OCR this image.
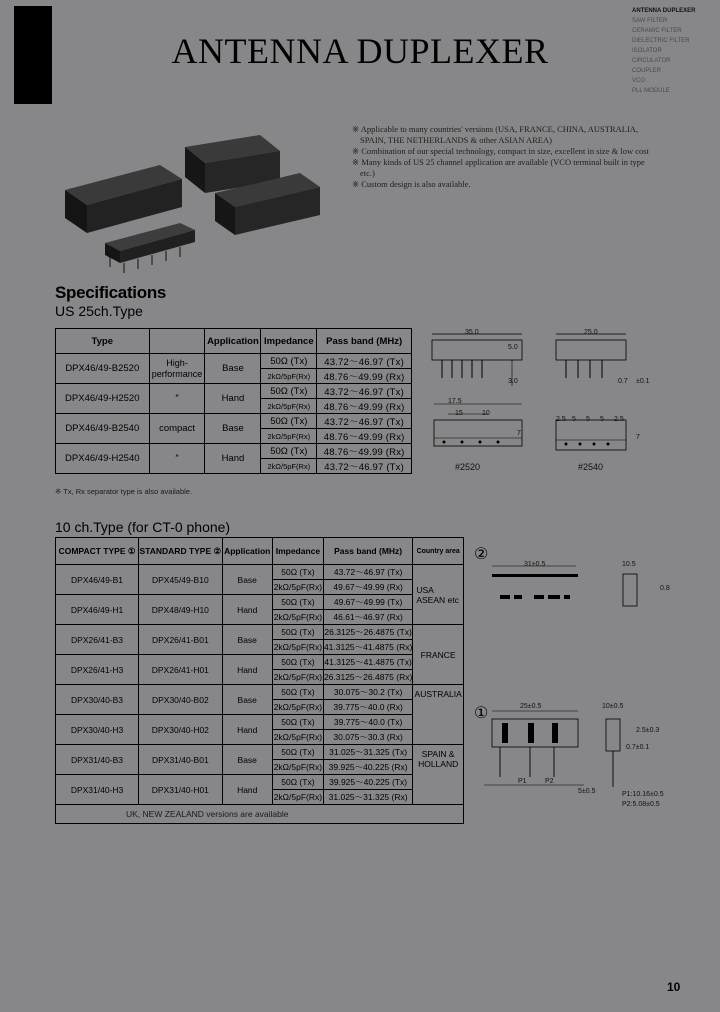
ANTENNA DUPLEXER
ANTENNA DUPLEXER
SAW FILTER
CERAMIC FILTER
DIELECTRIC FILTER
ISOLATOR
CIRCULATOR
COUPLER
VCO
PLL MODULE
※ Applicable to many countries' versions (USA, FRANCE, CHINA, AUSTRALIA, SPAIN, THE NETHERLANDS & other ASIAN AREA)
※ Combination of our special technology, compact in size, excellent in size & low cost
※ Many kinds of US 25 channel application are available (VCO terminal built in type etc.)
※ Custom design is also available.
Specifications
US 25ch.Type
Type		Application	Impedance	Pass band (MHz)
DPX46/49-B2520	High-performance	Base	50Ω (Tx)	43.72～46.97 (Tx)
			2kΩ/5pF(Rx)	48.76～49.99 (Rx)
DPX46/49-H2520	″	Hand	50Ω (Tx)	43.72～46.97 (Tx)
			2kΩ/5pF(Rx)	48.76～49.99 (Rx)
DPX46/49-B2540	compact	Base	50Ω (Tx)	43.72～46.97 (Tx)
			2kΩ/5pF(Rx)	48.76～49.99 (Rx)
DPX46/49-H2540	″	Hand	50Ω (Tx)	48.76～49.99 (Rx)
			2kΩ/5pF(Rx)	43.72～46.97 (Tx)
※ Tx, Rx separator type is also available.
35.0
5.0
3.0
25.0
0.7 ±0.1
17.5
15	10
7
#2520
2.5 5 5 5 2.5
7
#2540
10 ch.Type (for CT-0 phone)
COMPACT TYPE ①	STANDARD TYPE ②	Application	Impedance	Pass band (MHz)	Country area
DPX46/49-B1	DPX45/49-B10	Base	50Ω (Tx)	43.72～46.97 (Tx)	USA ASEAN etc
			2kΩ/5pF(Rx)	49.67～49.99 (Rx)	
DPX46/49-H1	DPX48/49-H10	Hand	50Ω (Tx)	49.67～49.99 (Tx)	
			2kΩ/5pF(Rx)	46.61～46.97 (Rx)	
DPX26/41-B3	DPX26/41-B01	Base	50Ω (Tx)	26.3125～26.4875 (Tx)	FRANCE
			2kΩ/5pF(Rx)	41.3125～41.4875 (Rx)	
DPX26/41-H3	DPX26/41-H01	Hand	50Ω (Tx)	41.3125～41.4875 (Tx)	
			2kΩ/5pF(Rx)	26.3125～26.4875 (Rx)	
DPX30/40-B3	DPX30/40-B02	Base	50Ω (Tx)	30.075～30.2 (Tx)	AUSTRALIA
			2kΩ/5pF(Rx)	39.775～40.0 (Rx)	
DPX30/40-H3	DPX30/40-H02	Hand	50Ω (Tx)	39.775～40.0 (Tx)	
			2kΩ/5pF(Rx)	30.075～30.3 (Rx)	
DPX31/40-B3	DPX31/40-B01	Base	50Ω (Tx)	31.025～31.325 (Tx)	SPAIN & HOLLAND
			2kΩ/5pF(Rx)	39.925～40.225 (Rx)	
DPX31/40-H3	DPX31/40-H01	Hand	50Ω (Tx)	39.925～40.225 (Tx)	
			2kΩ/5pF(Rx)	31.025～31.325 (Rx)	
UK, NEW ZEALAND versions are available					
②
31±0.5	10.5
0.8
①	25±0.5	10±0.5
2.5±0.3
0.7±0.1
P1	P2
5±0.5	P1:10.16±0.5
P2:5.08±0.5
10
